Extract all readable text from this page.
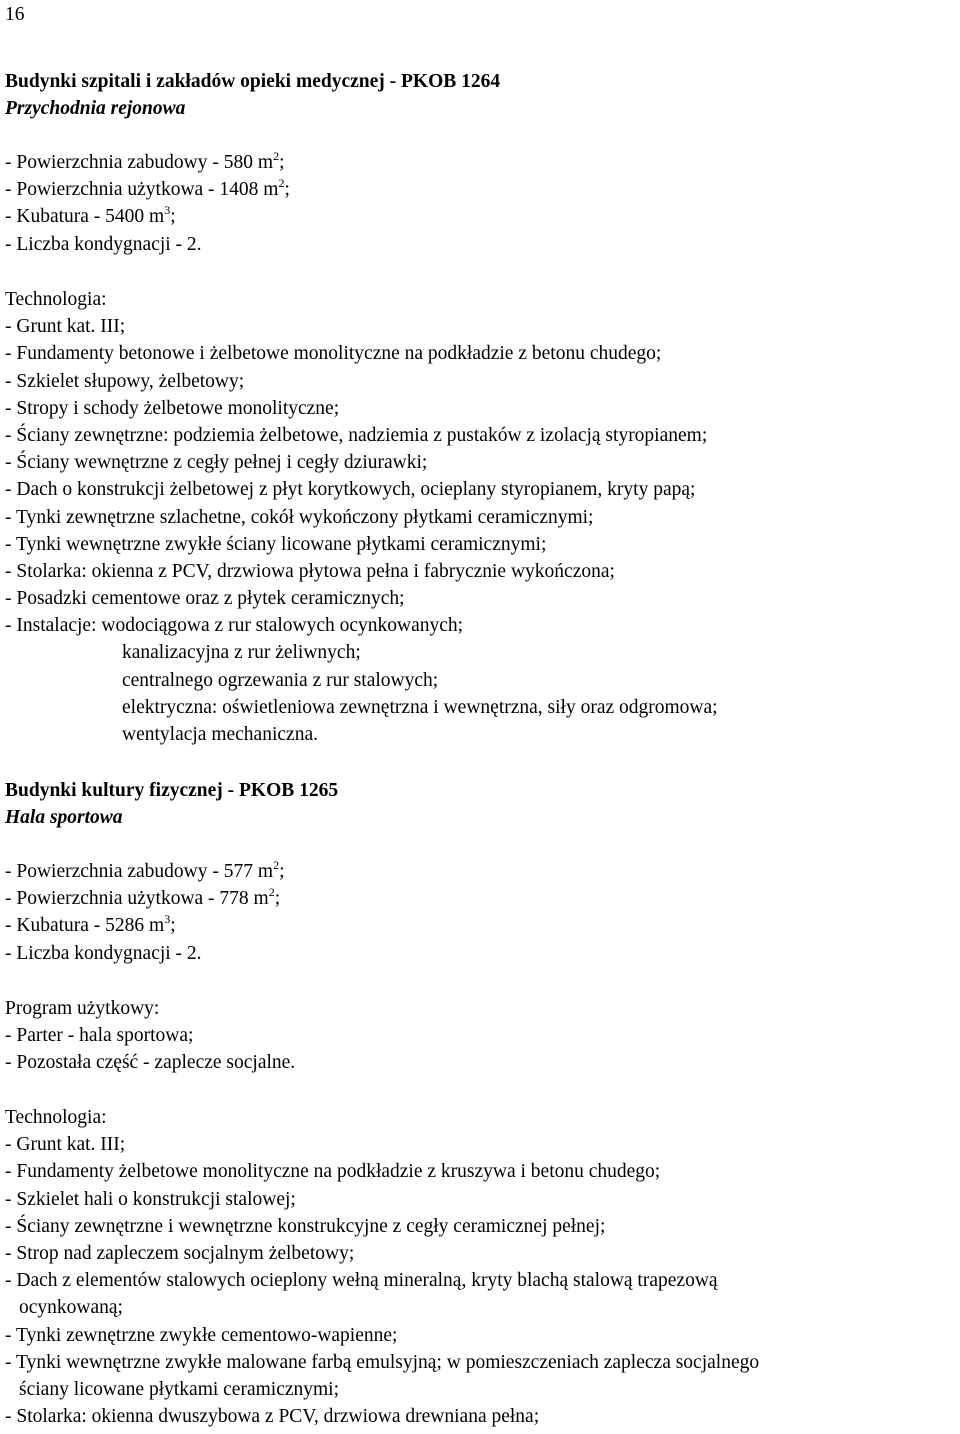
16
Budynki szpitali i zakładów opieki medycznej - PKOB 1264
Przychodnia rejonowa
- Powierzchnia zabudowy - 580 $m^2$;
- Powierzchnia użytkowa - 1408 $m^2$;
- Kubatura - 5400 $m^3$;
- Liczba kondygnacji - 2.
Technologia:
- Grunt kat. III;
- Fundamenty betonowe i żelbetowe monolityczne na podkładzie z betonu chudego;
- Szkielet słupowy, żelbetowy;
- Stropy i schody żelbetowe monolityczne;
- Ściany zewnętrzne: podziemia żelbetowe, nadziemia z pustaków z izolacją styropianem;
- Ściany wewnętrzne z cegły pełnej i cegły dziurawki;
- Dach o konstrukcji żelbetowej z płyt korytkowych, ocieplany styropianem, kryty papą;
- Tynki zewnętrzne szlachetne, cokół wykończony płytkami ceramicznymi;
- Tynki wewnętrzne zwykłe ściany licowane płytkami ceramicznymi;
- Stolarka: okienna z PCV, drzwiowa płytowa pełna i fabrycznie wykończona;
- Posadzki cementowe oraz z płytek ceramicznych;
- Instalacje: wodociągowa z rur stalowych ocynkowanych;
kanalizacyjna z rur żeliwnych;
centralnego ogrzewania z rur stalowych;
elektryczna: oświetleniowa zewnętrzna i wewnętrzna, siły oraz odgromowa;
wentylacja mechaniczna.
Budynki kultury fizycznej - PKOB 1265
Hala sportowa
- Powierzchnia zabudowy - 577 $m^2$;
- Powierzchnia użytkowa - 778 $m^2$;
- Kubatura - 5286 $m^3$;
- Liczba kondygnacji - 2.
Program użytkowy:
- Parter - hala sportowa;
- Pozostała część - zaplecze socjalne.
Technologia:
- Grunt kat. III;
- Fundamenty żelbetowe monolityczne na podkładzie z kruszywa i betonu chudego;
- Szkielet hali o konstrukcji stalowej;
- Ściany zewnętrzne i wewnętrzne konstrukcyjne z cegły ceramicznej pełnej;
- Strop nad zapleczem socjalnym żelbetowy;
- Dach z elementów stalowych ocieplony wełną mineralną, kryty blachą stalową trapezową
ocynkowaną;
- Tynki zewnętrzne zwykłe cementowo-wapienne;
- Tynki wewnętrzne zwykłe malowane farbą emulsyjną; w pomieszczeniach zaplecza socjalnego
ściany licowane płytkami ceramicznymi;
- Stolarka: okienna dwuszybowa z PCV, drzwiowa drewniana pełna;
